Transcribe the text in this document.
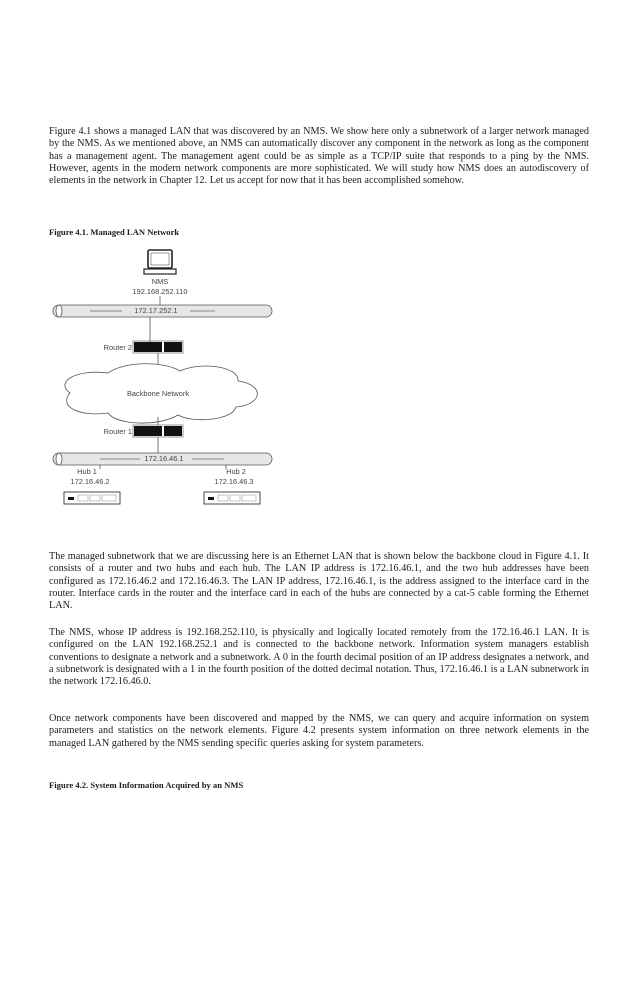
Figure 4.1 shows a managed LAN that was discovered by an NMS. We show here only a subnetwork of a larger network managed by the NMS. As we mentioned above, an NMS can automatically discover any component in the network as long as the component has a management agent. The management agent could be as simple as a TCP/IP suite that responds to a ping by the NMS. However, agents in the modern network components are more sophisticated. We will study how NMS does an autodiscovery of elements in the network in Chapter 12. Let us accept for now that it has been accomplished somehow.

Figure 4.1. Managed LAN Network

NMS
192.168.252.110
172.17.252.1
Router 2
Backbone Network
Router 1
172.16.46.1
Hub 1
172.16.46.2
Hub 2
172.16.46.3

The managed subnetwork that we are discussing here is an Ethernet LAN that is shown below the backbone cloud in Figure 4.1. It consists of a router and two hubs and each hub. The LAN IP address is 172.16.46.1, and the two hub addresses have been configured as 172.16.46.2 and 172.16.46.3. The LAN IP address, 172.16.46.1, is the address assigned to the interface card in the router. Interface cards in the router and the interface card in each of the hubs are connected by a cat-5 cable forming the Ethernet LAN.

The NMS, whose IP address is 192.168.252.110, is physically and logically located remotely from the 172.16.46.1 LAN. It is configured on the LAN 192.168.252.1 and is connected to the backbone network. Information system managers establish conventions to designate a network and a subnetwork. A 0 in the fourth decimal position of an IP address designates a network, and a subnetwork is designated with a 1 in the fourth position of the dotted decimal notation. Thus, 172.16.46.1 is a LAN subnetwork in the network 172.16.46.0.

Once network components have been discovered and mapped by the NMS, we can query and acquire information on system parameters and statistics on the network elements. Figure 4.2 presents system information on three network elements in the managed LAN gathered by the NMS sending specific queries asking for system parameters.

Figure 4.2. System Information Acquired by an NMS
